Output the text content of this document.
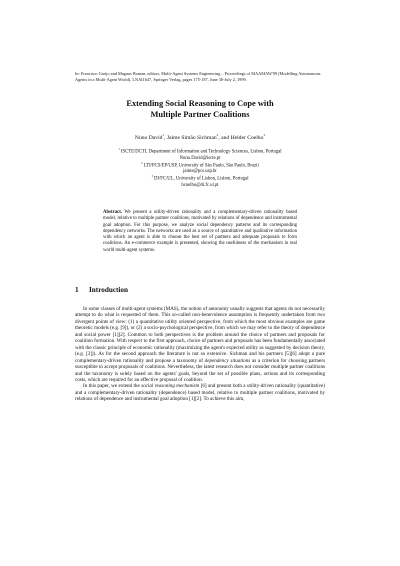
In: Francisco Garijo and Magnus Boman, editors, Multi-Agent Systems Engineering – Proceedings of MAAMAW'99 (Modelling Autonomous Agents in a Multi-Agent World), LNAI1647, Springer Verlag, pages 175-187, June 30-July 2, 1999.
Extending Social Reasoning to Cope with
Multiple Partner Coalitions
Nuno David$^1$, Jaime Simão Sichman$^2$, and Helder Coelho$^3$

$^1$ ISCTE/DCTI, Department of Information and Technology Sciences, Lisbon, Portugal
Nuno.David@iscte.pt

$^2$ LTI/PCS/EP/USP, University of São Paulo, São Paulo, Brazil
jaime@pcs.usp.br

$^3$ DI/FC/UL, University of Lisbon, Lisbon, Portugal
hcoelho@di.fc.ul.pt

Abstract. We present a utility-driven rationality and a complementary-driven rationality based model, relative to multiple partner coalitions, motivated by relations of dependence and instrumental goal adoption. For this purpose, we analyze social dependency patterns and its corresponding dependency networks. The networks are used as a source of quantitative and qualitative information with which an agent is able to choose the best set of partners and adequate proposals to form coalitions. An e-commerce example is presented, showing the usefulness of the mechanism in real world multi-agent systems.
1 Introduction

In some classes of multi-agent systems (MAS), the notion of autonomy usually suggests that agents do not necessarily attempt to do what is requested of them. This so-called non-benevolence assumption is frequently undertaken from two divergent points of view: (1) a quantitative utility oriented perspective, from which the most obvious examples are game theoretic models (e.g. [9]), or (2) a socio-psychological perspective, from which we may refer to the theory of dependence and social power [1][2]. Common to both perspectives is the problem around the choice of partners and proposals for coalition formation. With respect to the first approach, choice of partners and proposals has been fundamentally associated with the classic principle of economic rationality (maximizing the agent's expected utility as suggested by decision theory, (e.g. [3])). As for the second approach the literature is not so extensive. Sichman and his partners [5][6] adopt a pure complementary-driven rationality and propose a taxonomy of dependency situations as a criterion for choosing partners susceptible to accept proposals of coalitions. Nevertheless, the latest research does not consider multiple partner coalitions and the taxonomy is solely based on the agents' goals, beyond the set of possible plans, actions and its corresponding costs, which are required for an effective proposal of coalition.

In this paper, we extend the social reasoning mechanism [6] and present both a utility-driven rationality (quantitative) and a complementary-driven rationality (dependence) based model, relative to multiple partner coalitions, motivated by relations of dependence and instrumental goal adoption [1][2]. To achieve this aim,
